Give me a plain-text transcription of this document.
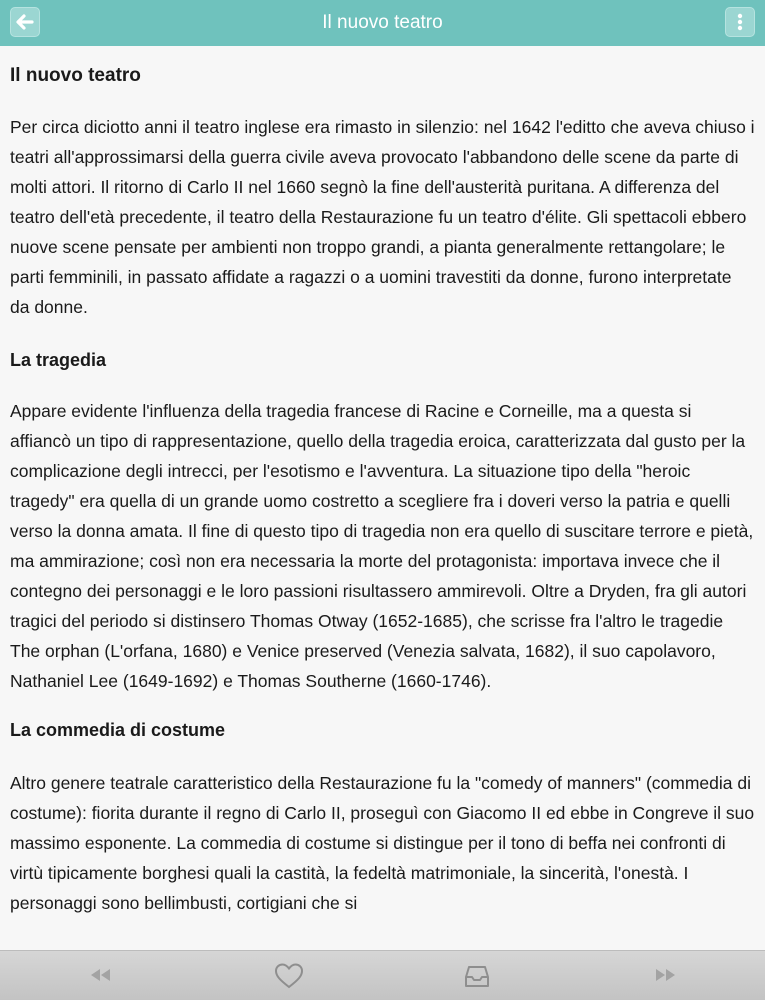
Il nuovo teatro
Il nuovo teatro

Per circa diciotto anni il teatro inglese era rimasto in silenzio: nel 1642 l'editto che aveva chiuso i teatri all'approssimarsi della guerra civile aveva provocato l'abbandono delle scene da parte di molti attori. Il ritorno di Carlo II nel 1660 segnò la fine dell'austerità puritana. A differenza del teatro dell'età precedente, il teatro della Restaurazione fu un teatro d'élite. Gli spettacoli ebbero nuove scene pensate per ambienti non troppo grandi, a pianta generalmente rettangolare; le parti femminili, in passato affidate a ragazzi o a uomini travestiti da donne, furono interpretate da donne.

La tragedia

Appare evidente l'influenza della tragedia francese di Racine e Corneille, ma a questa si affiancò un tipo di rappresentazione, quello della tragedia eroica, caratterizzata dal gusto per la complicazione degli intrecci, per l'esotismo e l'avventura. La situazione tipo della "heroic tragedy" era quella di un grande uomo costretto a scegliere fra i doveri verso la patria e quelli verso la donna amata. Il fine di questo tipo di tragedia non era quello di suscitare terrore e pietà, ma ammirazione; così non era necessaria la morte del protagonista: importava invece che il contegno dei personaggi e le loro passioni risultassero ammirevoli. Oltre a Dryden, fra gli autori tragici del periodo si distinsero Thomas Otway (1652-1685), che scrisse fra l'altro le tragedie The orphan (L'orfana, 1680) e Venice preserved (Venezia salvata, 1682), il suo capolavoro, Nathaniel Lee (1649-1692) e Thomas Southerne (1660-1746).

La commedia di costume

Altro genere teatrale caratteristico della Restaurazione fu la "comedy of manners" (commedia di costume): fiorita durante il regno di Carlo II, proseguì con Giacomo II ed ebbe in Congreve il suo massimo esponente. La commedia di costume si distingue per il tono di beffa nei confronti di virtù tipicamente borghesi quali la castità, la fedeltà matrimoniale, la sincerità, l'onestà. I personaggi sono bellimbusti, cortigiani che si
